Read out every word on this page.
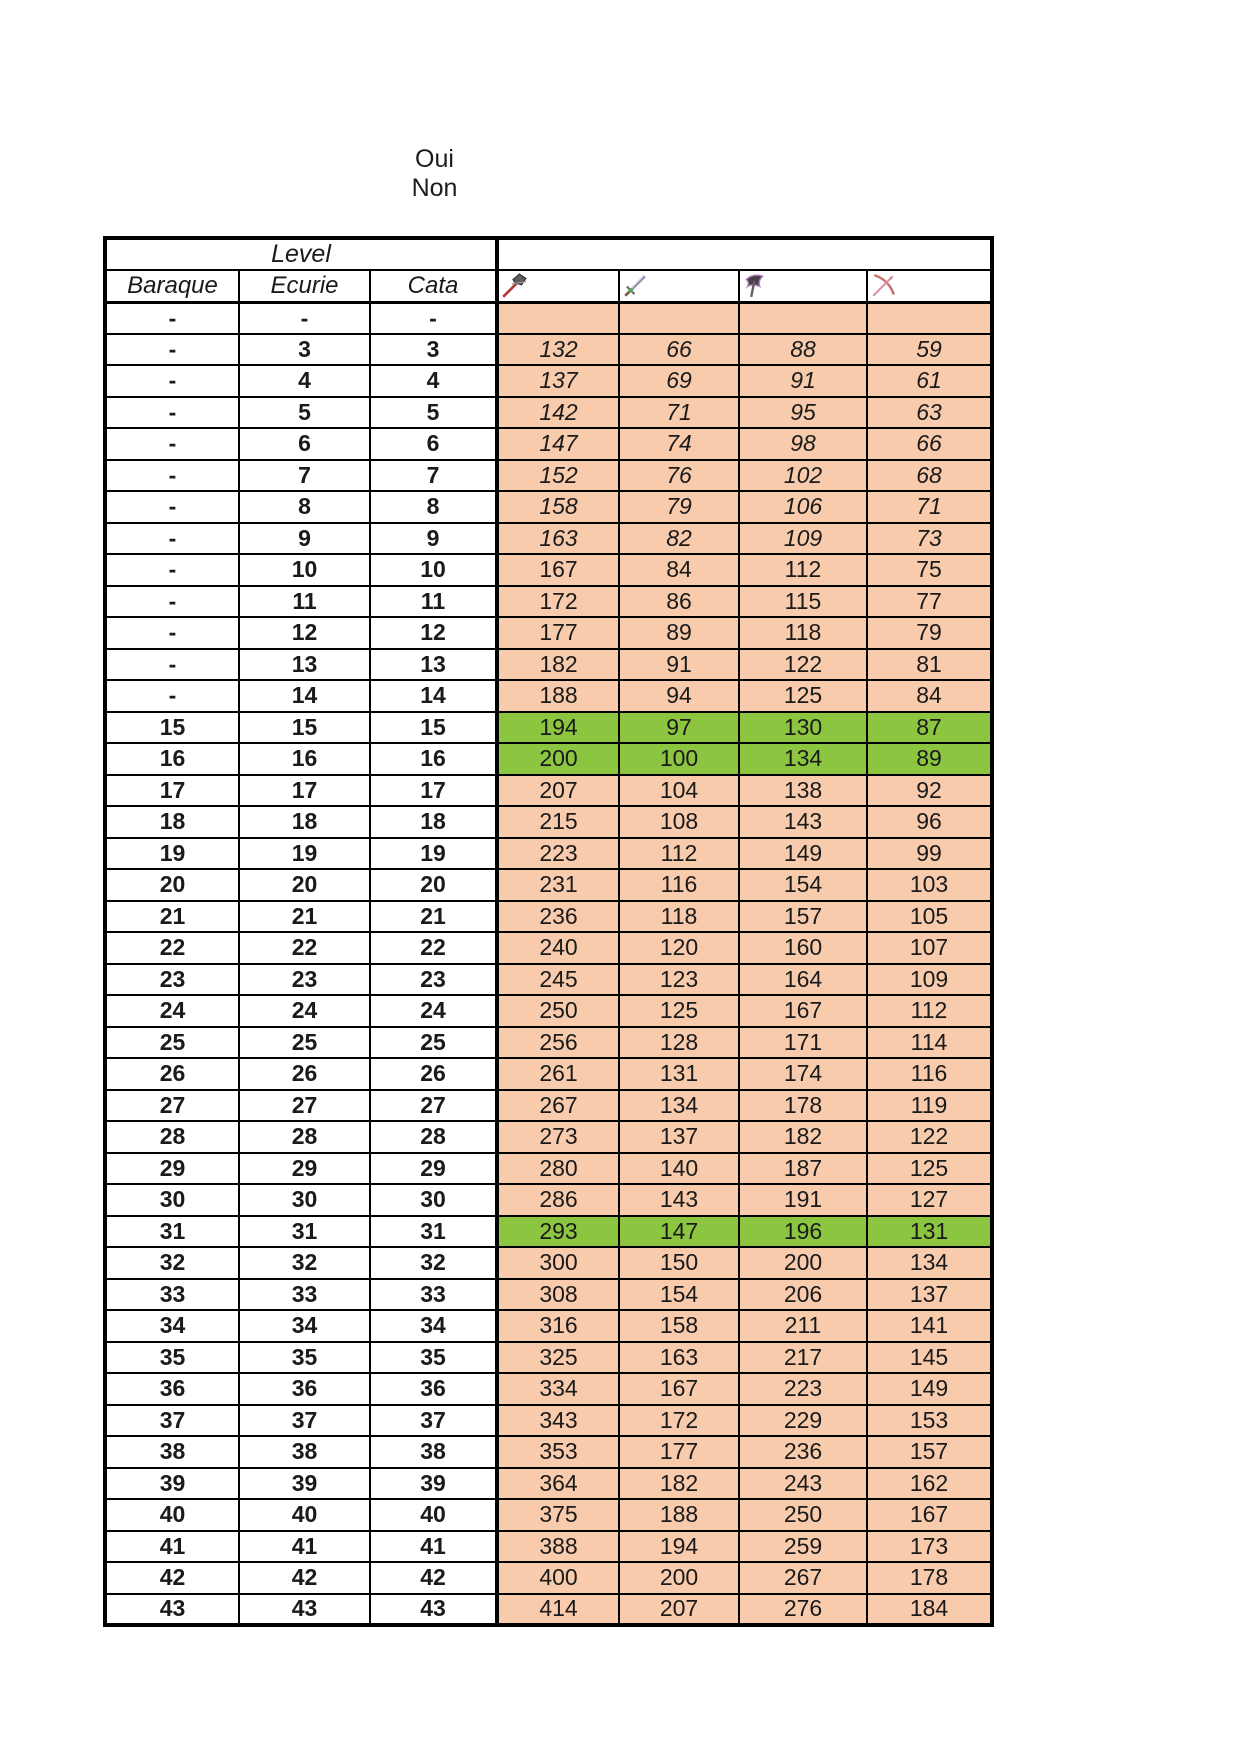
Oui
Non
Level						
Baraque	Ecurie	Cata	

-	-	-				
-	3	3	132	66	88	59
-	4	4	137	69	91	61
-	5	5	142	71	95	63
-	6	6	147	74	98	66
-	7	7	152	76	102	68
-	8	8	158	79	106	71
-	9	9	163	82	109	73
-	10	10	167	84	112	75
-	11	11	172	86	115	77
-	12	12	177	89	118	79
-	13	13	182	91	122	81
-	14	14	188	94	125	84
15	15	15	194	97	130	87
16	16	16	200	100	134	89
17	17	17	207	104	138	92
18	18	18	215	108	143	96
19	19	19	223	112	149	99
20	20	20	231	116	154	103
21	21	21	236	118	157	105
22	22	22	240	120	160	107
23	23	23	245	123	164	109
24	24	24	250	125	167	112
25	25	25	256	128	171	114
26	26	26	261	131	174	116
27	27	27	267	134	178	119
28	28	28	273	137	182	122
29	29	29	280	140	187	125
30	30	30	286	143	191	127
31	31	31	293	147	196	131
32	32	32	300	150	200	134
33	33	33	308	154	206	137
34	34	34	316	158	211	141
35	35	35	325	163	217	145
36	36	36	334	167	223	149
37	37	37	343	172	229	153
38	38	38	353	177	236	157
39	39	39	364	182	243	162
40	40	40	375	188	250	167
41	41	41	388	194	259	173
42	42	42	400	200	267	178
43	43	43	414	207	276	184
